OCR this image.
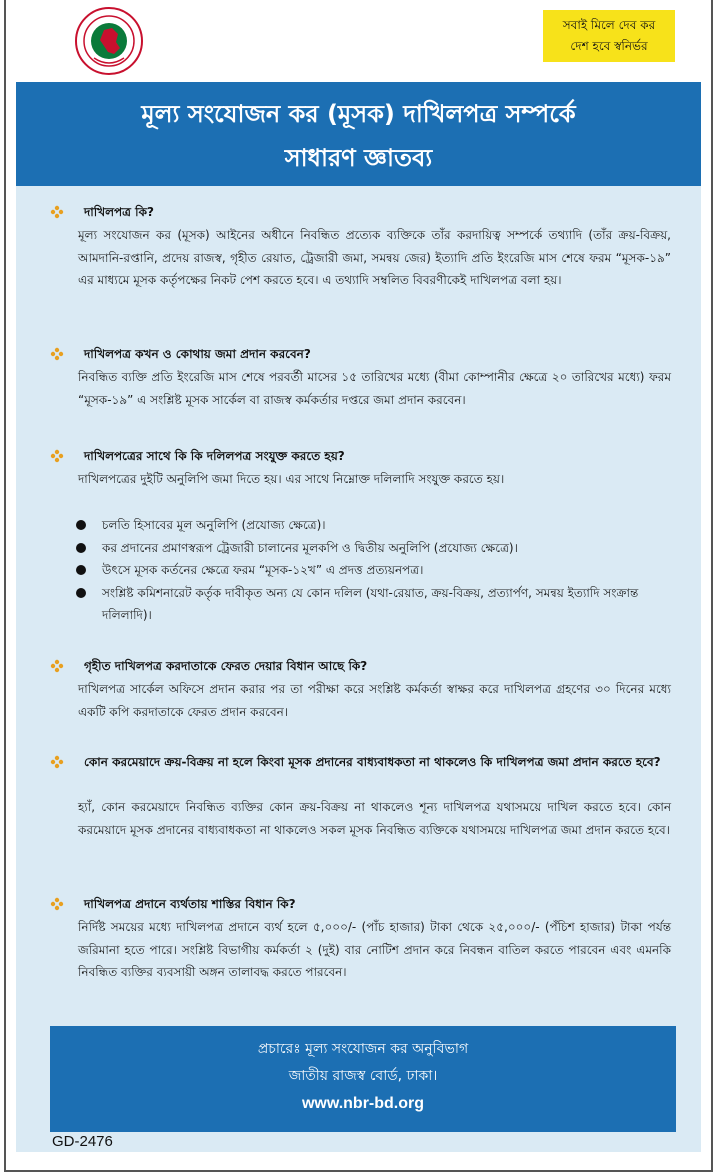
সবাই মিলে দেব কর
দেশ হবে স্বনির্ভর
মূল্য সংযোজন কর (মূসক) দাখিলপত্র সম্পর্কে
সাধারণ জ্ঞাতব্য
দাখিলপত্র কি?
মূল্য সংযোজন কর (মূসক) আইনের অধীনে নিবন্ধিত প্রত্যেক ব্যক্তিকে তাঁর করদায়িত্ব সম্পর্কে তথ্যাদি (তাঁর ক্রয়-বিক্রয়, আমদানি-রপ্তানি, প্রদেয় রাজস্ব, গৃহীত রেয়াত, ট্রেজারী জমা, সমন্বয় জের) ইত্যাদি প্রতি ইংরেজি মাস শেষে ফরম “মূসক-১৯” এর মাধ্যমে মূসক কর্তৃপক্ষের নিকট পেশ করতে হবে। এ তথ্যাদি সম্বলিত বিবরণীকেই দাখিলপত্র বলা হয়।
দাখিলপত্র কখন ও কোথায় জমা প্রদান করবেন?
নিবন্ধিত ব্যক্তি প্রতি ইংরেজি মাস শেষে পরবর্তী মাসের ১৫ তারিখের মধ্যে (বীমা কোম্পানীর ক্ষেত্রে ২০ তারিখের মধ্যে) ফরম “মূসক-১৯” এ সংশ্লিষ্ট মূসক সার্কেল বা রাজস্ব কর্মকর্তার দপ্তরে জমা প্রদান করবেন।
দাখিলপত্রের সাথে কি কি দলিলপত্র সংযুক্ত করতে হয়?
দাখিলপত্রের দুইটি অনুলিপি জমা দিতে হয়। এর সাথে নিম্নোক্ত দলিলাদি সংযুক্ত করতে হয়।
চলতি হিসাবের মূল অনুলিপি (প্রযোজ্য ক্ষেত্রে)।
কর প্রদানের প্রমাণস্বরূপ ট্রেজারী চালানের মূলকপি ও দ্বিতীয় অনুলিপি (প্রযোজ্য ক্ষেত্রে)।
উৎসে মূসক কর্তনের ক্ষেত্রে ফরম “মূসক-১২খ” এ প্রদত্ত প্রত্যয়নপত্র।
সংশ্লিষ্ট কমিশনারেট কর্তৃক দাবীকৃত অন্য যে কোন দলিল (যথা-রেয়াত, ক্রয়-বিক্রয়, প্রত্যার্পণ, সমন্বয় ইত্যাদি সংক্রান্ত দলিলাদি)।
গৃহীত দাখিলপত্র করদাতাকে ফেরত দেয়ার বিধান আছে কি?
দাখিলপত্র সার্কেল অফিসে প্রদান করার পর তা পরীক্ষা করে সংশ্লিষ্ট কর্মকর্তা স্বাক্ষর করে দাখিলপত্র গ্রহণের ৩০ দিনের মধ্যে একটি কপি করদাতাকে ফেরত প্রদান করবেন।
কোন করমেয়াদে ক্রয়-বিক্রয় না হলে কিংবা মূসক প্রদানের বাধ্যবাধকতা না থাকলেও কি দাখিলপত্র জমা প্রদান করতে হবে?
হ্যাঁ, কোন করমেয়াদে নিবন্ধিত ব্যক্তির কোন ক্রয়-বিক্রয় না থাকলেও শূন্য দাখিলপত্র যথাসময়ে দাখিল করতে হবে। কোন করমেয়াদে মূসক প্রদানের বাধ্যবাধকতা না থাকলেও সকল মূসক নিবন্ধিত ব্যক্তিকে যথাসময়ে দাখিলপত্র জমা প্রদান করতে হবে।
দাখিলপত্র প্রদানে ব্যর্থতায় শাস্তির বিধান কি?
নির্দিষ্ট সময়ের মধ্যে দাখিলপত্র প্রদানে ব্যর্থ হলে ৫,০০০/- (পাঁচ হাজার) টাকা থেকে ২৫,০০০/- (পঁচিশ হাজার) টাকা পর্যন্ত জরিমানা হতে পারে। সংশ্লিষ্ট বিভাগীয় কর্মকর্তা ২ (দুই) বার নোটিশ প্রদান করে নিবন্ধন বাতিল করতে পারবেন এবং এমনকি নিবন্ধিত ব্যক্তির ব্যবসায়ী অঙ্গন তালাবদ্ধ করতে পারবেন।
প্রচারেঃ মূল্য সংযোজন কর অনুবিভাগ
জাতীয় রাজস্ব বোর্ড, ঢাকা।
www.nbr-bd.org
GD-2476
